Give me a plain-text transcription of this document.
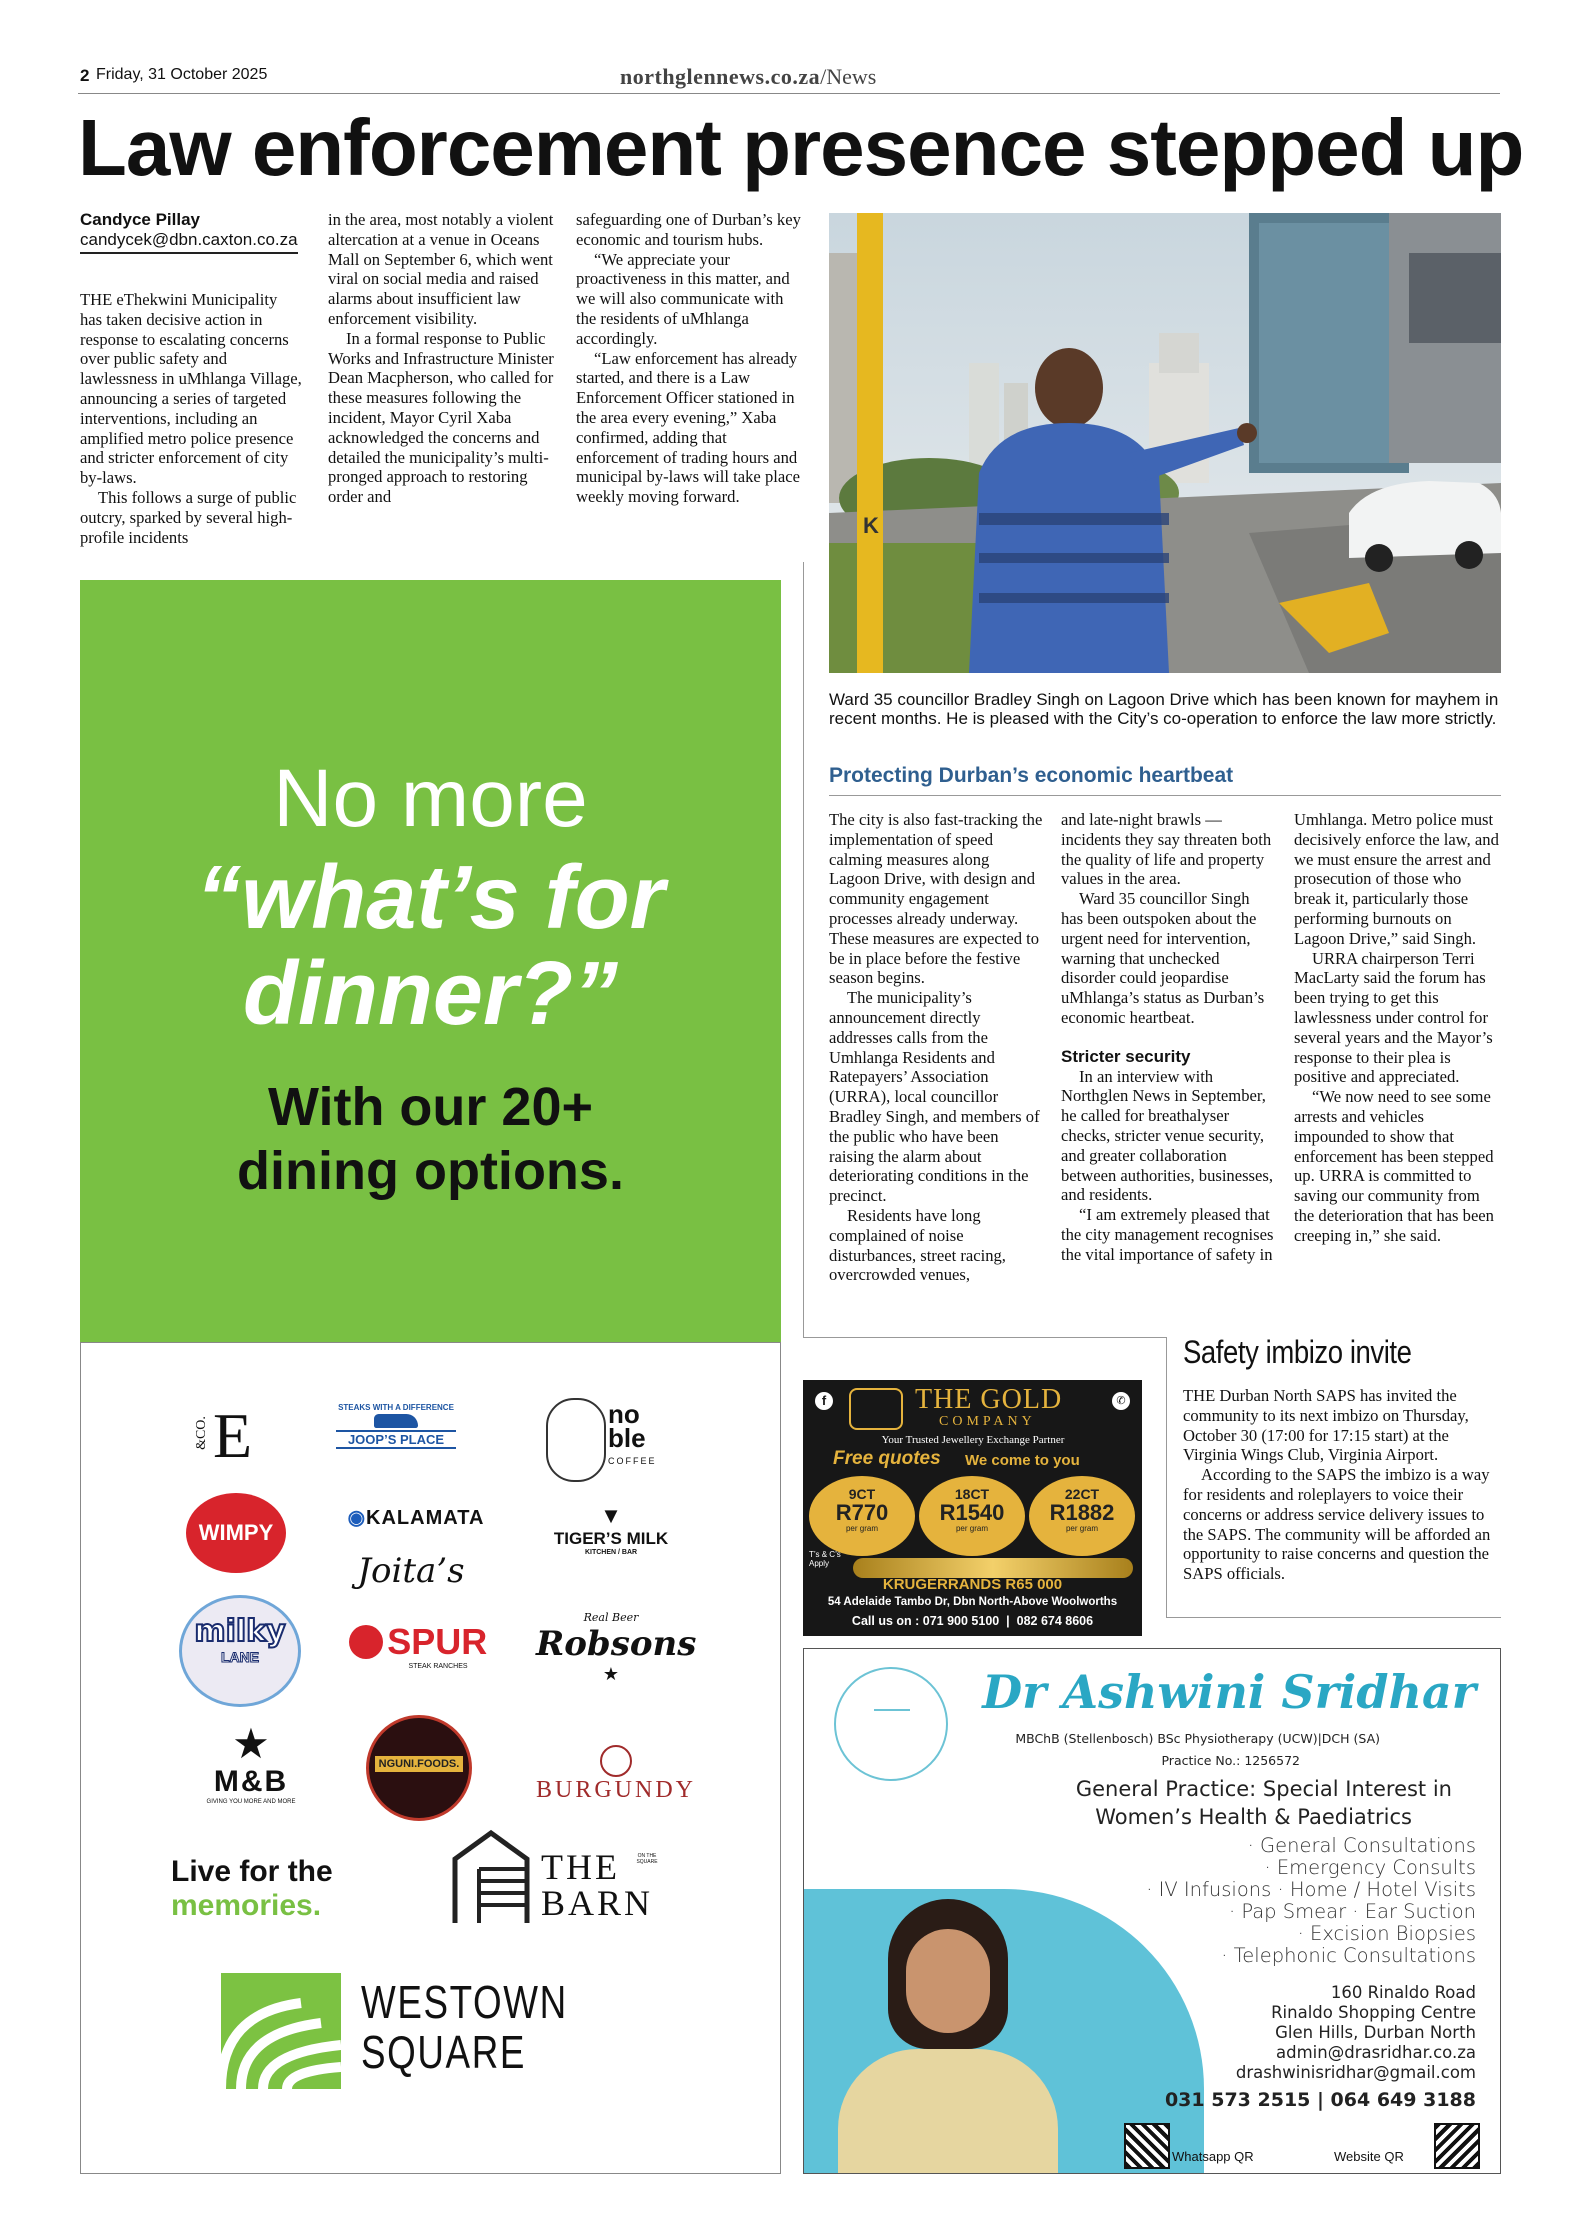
2 Friday, 31 October 2025	northglennews.co.za/News
Law enforcement presence stepped up
Candyce Pillay
candycek@dbn.caxton.co.za

THE eThekwini Municipality has taken decisive action in response to escalating concerns over public safety and lawlessness in uMhlanga Village, announcing a series of targeted interventions, including an amplified metro police presence and stricter enforcement of city by-laws.

This follows a surge of public outcry, sparked by several high-profile incidents

in the area, most notably a violent altercation at a venue in Oceans Mall on September 6, which went viral on social media and raised alarms about insufficient law enforcement visibility.

In a formal response to Public Works and Infrastructure Minister Dean Macpherson, who called for these measures following the incident, Mayor Cyril Xaba acknowledged the concerns and detailed the municipality’s multi-pronged approach to restoring order and

safeguarding one of Durban’s key economic and tourism hubs.

“We appreciate your proactiveness in this matter, and we will also communicate with the residents of uMhlanga accordingly.

“Law enforcement has already started, and there is a Law Enforcement Officer stationed in the area every evening,” Xaba confirmed, adding that enforcement of trading hours and municipal by-laws will take place weekly moving forward.

K
Ward 35 councillor Bradley Singh on Lagoon Drive which has been known for mayhem in recent months. He is pleased with the City’s co-operation to enforce the law more strictly.
Protecting Durban’s economic heartbeat

The city is also fast-tracking the implementation of speed calming measures along Lagoon Drive, with design and community engagement processes already underway. These measures are expected to be in place before the festive season begins.

The municipality’s announcement directly addresses calls from the Umhlanga Residents and Ratepayers’ Association (URRA), local councillor Bradley Singh, and members of the public who have been raising the alarm about deteriorating conditions in the precinct.

Residents have long complained of noise disturbances, street racing, overcrowded venues,

and late-night brawls — incidents they say threaten both the quality of life and property values in the area.

Ward 35 councillor Singh has been outspoken about the urgent need for intervention, warning that unchecked disorder could jeopardise uMhlanga’s status as Durban’s economic heartbeat.

Stricter security

In an interview with Northglen News in September, he called for breathalyser checks, stricter venue security, and greater collaboration between authorities, businesses, and residents.

“I am extremely pleased that the city management recognises the vital importance of safety in

Umhlanga. Metro police must decisively enforce the law, and we must ensure the arrest and prosecution of those who break it, particularly those performing burnouts on Lagoon Drive,” said Singh.

URRA chairperson Terri MacLarty said the forum has been trying to get this lawlessness under control for several years and the Mayor’s response to their plea is positive and appreciated.

“We now need to see some arrests and vehicles impounded to show that enforcement has been stepped up. URRA is committed to saving our community from the deterioration that has been creeping in,” she said.

Safety imbizo invite

THE Durban North SAPS has invited the community to its next imbizo on Thursday, October 30 (17:00 for 17:15 start) at the Virginia Wings Club, Virginia Airport.

According to the SAPS the imbizo is a way for residents and roleplayers to voice their concerns or address service delivery issues to the SAPS. The community will be afforded an opportunity to raise concerns and question the SAPS officials.

No more
“what’s for
dinner?”
With our 20+
dining options.
&CO. E	STEAKS WITH A DIFFERENCE
JOOP’S PLACE
no
ble
COFFEE
WIMPY
◉KALAMATA
Joita’s
▼
TIGER’S MILK
KITCHEN / BAR
milky
LANE	SPUR
STEAK RANCHES
Real Beer
Robsons
★
★
M&B
GIVING YOU MORE AND MORE
NGUNI.FOODS.
BURGUNDY
Live for the
memories.
THE
BARN
ON THE SQUARE
WESTOWN
SQUARE
f	✆
THE GOLD
COMPANY
Your Trusted Jewellery Exchange Partner
Free quotes We come to you
9CT
R770
per gram
18CT
R1540
per gram
22CT
R1882
per gram
T’s & C’s Apply
KRUGERRANDS R65 000
54 Adelaide Tambo Dr, Dbn North-Above Woolworths
Call us on : 071 900 5100  |  082 674 8606
Dr Ashwini Sridhar
MBChB (Stellenbosch) BSc Physiotherapy (UCW)|DCH (SA)
Practice No.: 1256572
General Practice: Special Interest in
Women’s Health & Paediatrics
· General Consultations
· Emergency Consults
· IV Infusions · Home / Hotel Visits
· Pap Smear · Ear Suction
· Excision Biopsies
· Telephonic Consultations
160 Rinaldo Road
Rinaldo Shopping Centre
Glen Hills, Durban North
admin@drasridhar.co.za
drashwinisridhar@gmail.com
031 573 2515 | 064 649 3188
Whatsapp QR	Website QR
